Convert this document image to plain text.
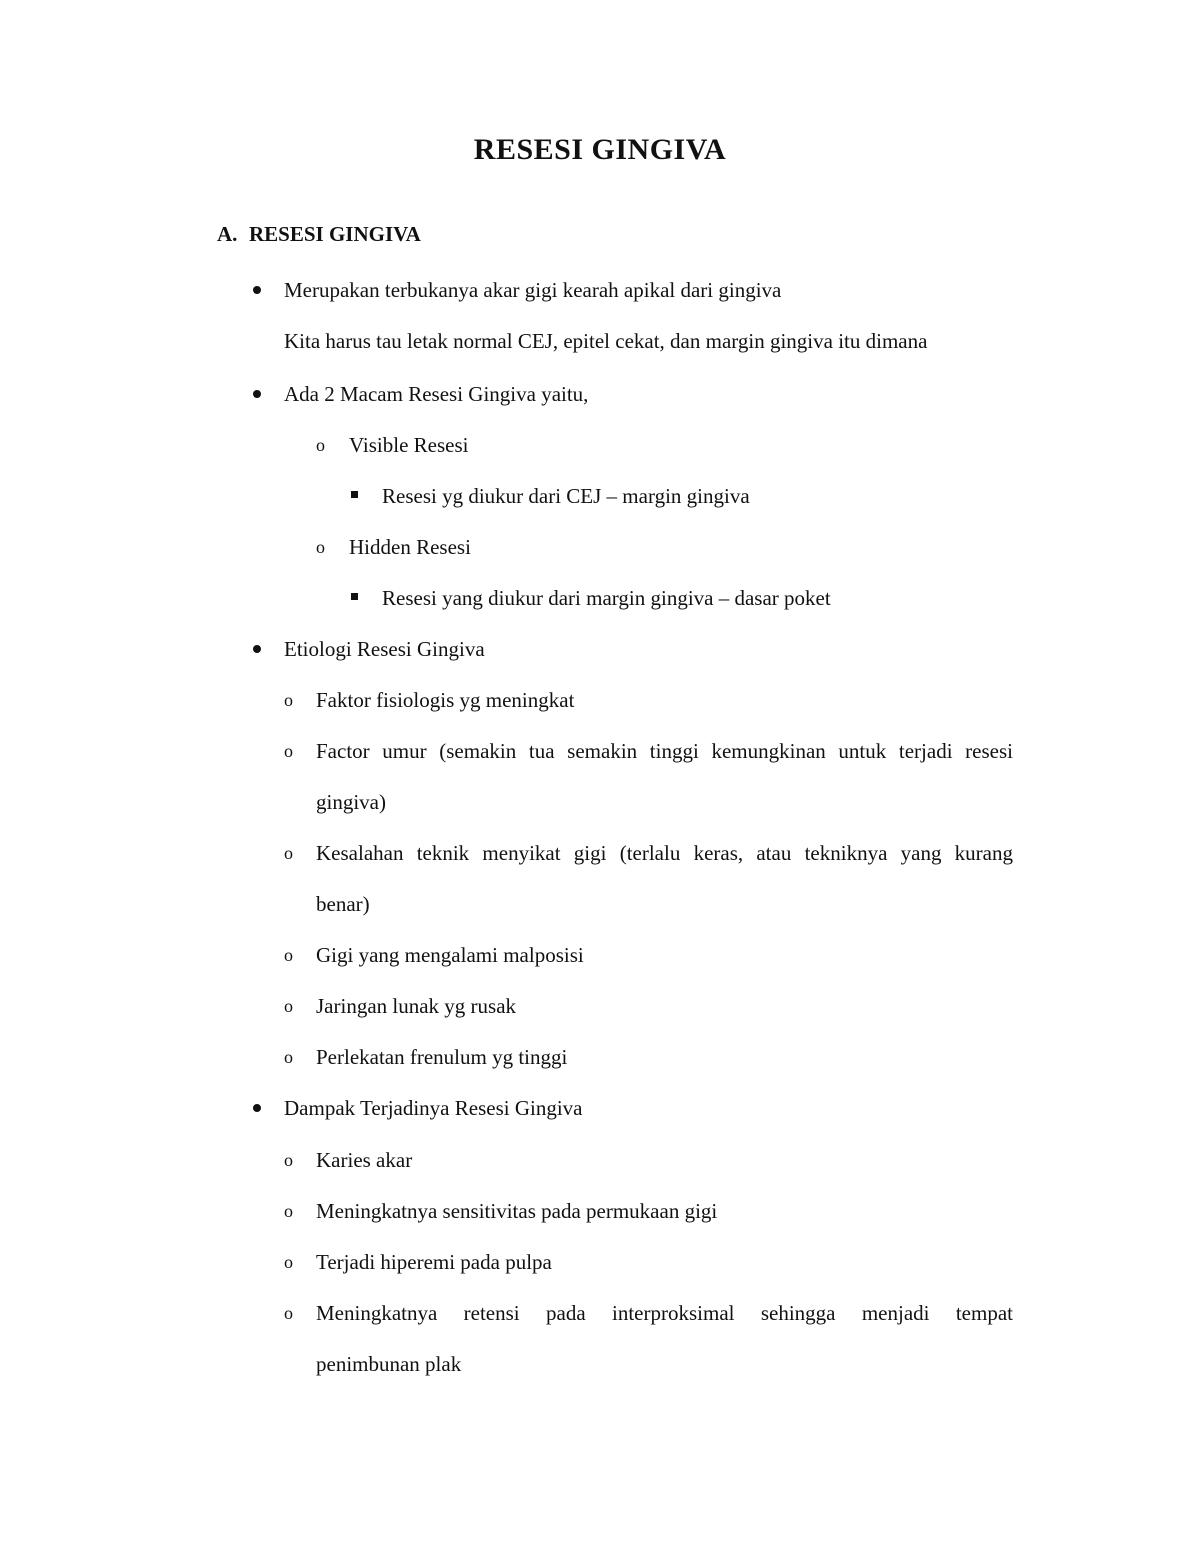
RESESI GINGIVA
A. RESESI GINGIVA
Merupakan terbukanya akar gigi kearah apikal dari gingiva
Kita harus tau letak normal CEJ, epitel cekat, dan margin gingiva itu dimana
Ada 2 Macam Resesi Gingiva yaitu,
o Visible Resesi
Resesi yg diukur dari CEJ – margin gingiva
o Hidden Resesi
Resesi yang diukur dari margin gingiva – dasar poket
Etiologi Resesi Gingiva
o Faktor fisiologis yg meningkat
o Factor umur (semakin tua semakin tinggi kemungkinan untuk terjadi resesi
gingiva)
o Kesalahan teknik menyikat gigi (terlalu keras, atau tekniknya yang kurang
benar)
o Gigi yang mengalami malposisi
o Jaringan lunak yg rusak
o Perlekatan frenulum yg tinggi
Dampak Terjadinya Resesi Gingiva
o Karies akar
o Meningkatnya sensitivitas pada permukaan gigi
o Terjadi hiperemi pada pulpa
o Meningkatnya retensi pada interproksimal sehingga menjadi tempat
penimbunan plak
